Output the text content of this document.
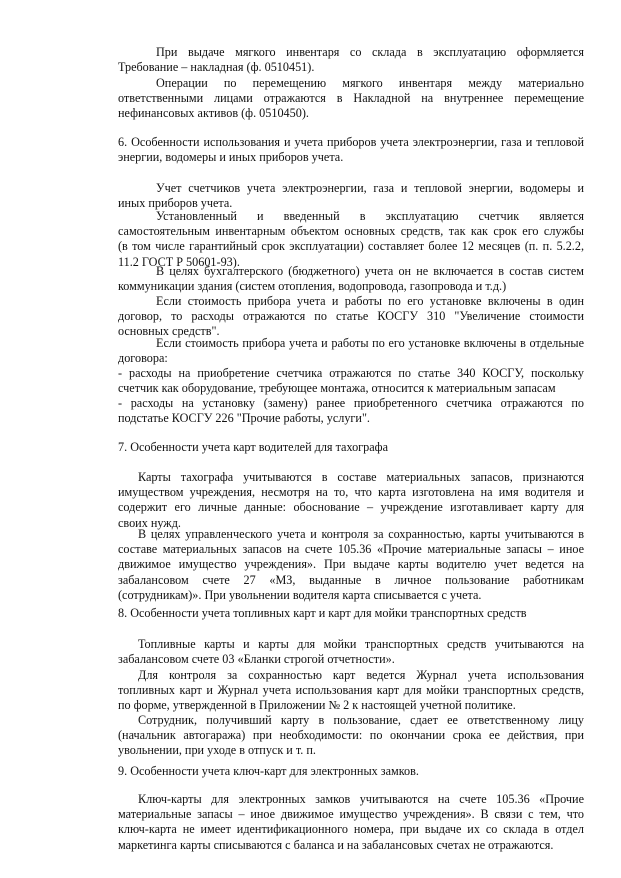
При выдаче мягкого инвентаря со склада в эксплуатацию оформляется
Требование – накладная (ф. 0510451).
Операции по перемещению мягкого инвентаря между материально
ответственными лицами отражаются в Накладной на внутреннее перемещение
нефинансовых активов (ф. 0510450).
6. Особенности использования и учета приборов учета электроэнергии, газа и тепловой
энергии, водомеры и иных приборов учета.
Учет счетчиков учета электроэнергии, газа и тепловой энергии, водомеры и
иных приборов учета.
Установленный и введенный в эксплуатацию счетчик является
самостоятельным инвентарным объектом основных средств, так как срок его службы
(в том числе гарантийный срок эксплуатации) составляет более 12 месяцев (п. п. 5.2.2,
11.2 ГОСТ Р 50601-93).
В целях бухгалтерского (бюджетного) учета он не включается в состав систем
коммуникации здания (систем отопления, водопровода, газопровода и т.д.)
Если стоимость прибора учета и работы по его установке включены в один
договор, то расходы отражаются по статье КОСГУ 310 "Увеличение стоимости
основных средств".
Если стоимость прибора учета и работы по его установке включены в отдельные
договора:
- расходы на приобретение счетчика отражаются по статье 340 КОСГУ, поскольку
счетчик как оборудование, требующее монтажа, относится к материальным запасам
- расходы на установку (замену) ранее приобретенного счетчика отражаются по
подстатье КОСГУ 226 "Прочие работы, услуги".
7. Особенности учета карт водителей для тахографа
Карты тахографа учитываются в составе материальных запасов, признаются
имуществом учреждения, несмотря на то, что карта изготовлена на имя водителя и
содержит его личные данные: обоснование – учреждение изготавливает карту для
своих нужд.
В целях управленческого учета и контроля за сохранностью, карты учитываются в
составе материальных запасов на счете 105.36 «Прочие материальные запасы – иное
движимое имущество учреждения». При выдаче карты водителю учет ведется на
забалансовом счете 27 «МЗ, выданные в личное пользование работникам
(сотрудникам)». При увольнении водителя карта списывается с учета.
8. Особенности учета топливных карт и карт для мойки транспортных средств
Топливные карты и карты для мойки транспортных средств учитываются на
забалансовом счете 03 «Бланки строгой отчетности».
Для контроля за сохранностью карт ведется Журнал учета использования
топливных карт и Журнал учета использования карт для мойки транспортных средств,
по форме, утвержденной в Приложении № 2 к настоящей учетной политике.
Сотрудник, получивший карту в пользование, сдает ее ответственному лицу
(начальник автогаража) при необходимости: по окончании срока ее действия, при
увольнении, при уходе в отпуск и т. п.
9. Особенности учета ключ-карт для электронных замков.
Ключ-карты для электронных замков учитываются на счете 105.36 «Прочие
материальные запасы – иное движимое имущество учреждения». В связи с тем, что
ключ-карта не имеет идентификационного номера, при выдаче их со склада в отдел
маркетинга карты списываются с баланса и на забалансовых счетах не отражаются.
